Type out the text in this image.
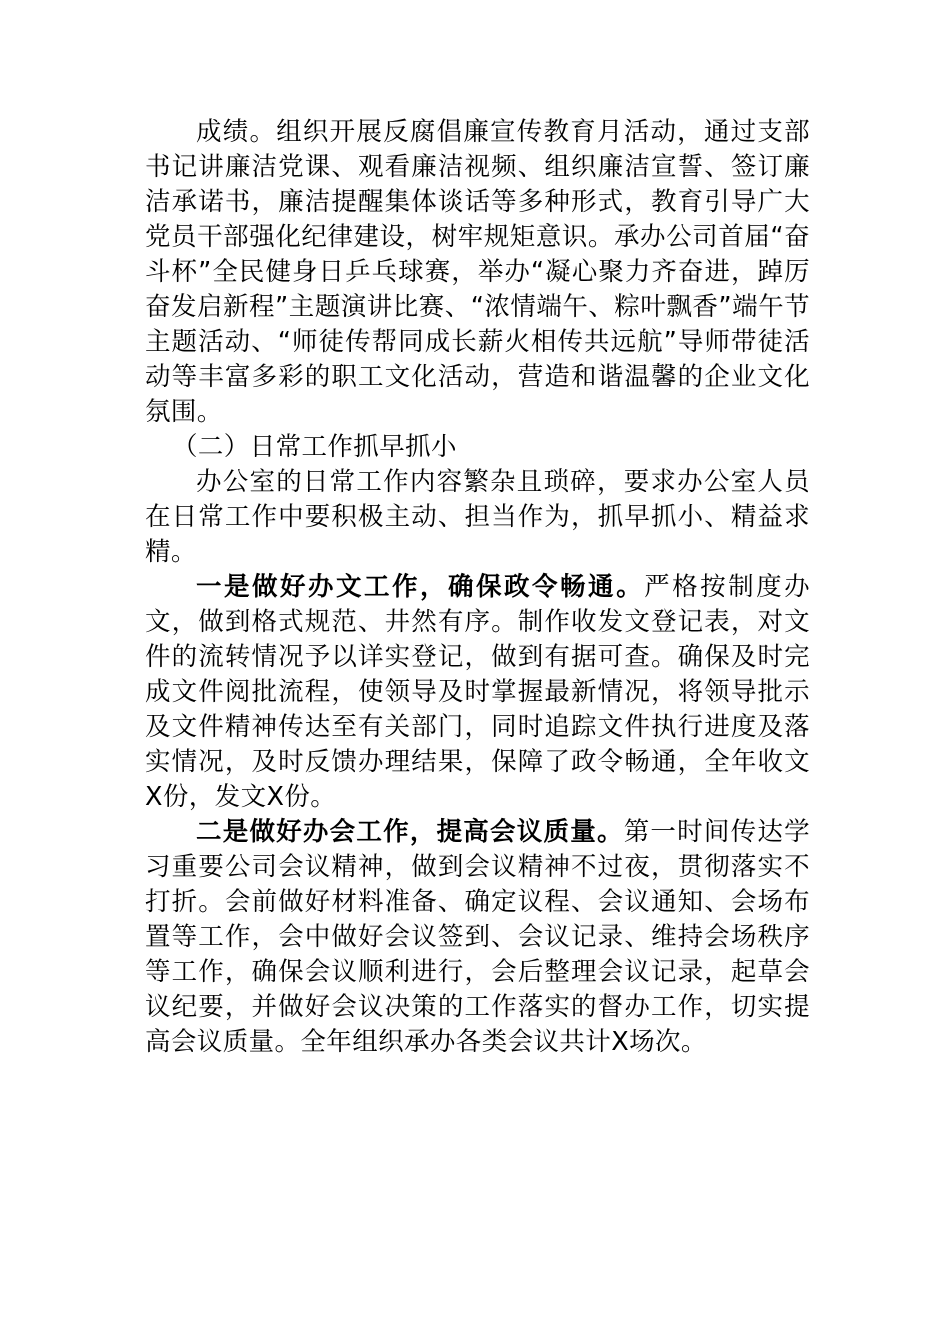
成绩。组织开展反腐倡廉宣传教育月活动，通过支部书记讲廉洁党课、观看廉洁视频、组织廉洁宣誓、签订廉洁承诺书，廉洁提醒集体谈话等多种形式，教育引导广大党员干部强化纪律建设，树牢规矩意识。承办公司首届“奋斗杯”全民健身日乒乓球赛，举办“凝心聚力齐奋进，踔厉奋发启新程”主题演讲比赛、“浓情端午、粽叶飘香”端午节主题活动、“师徒传帮同成长薪火相传共远航”导师带徒活动等丰富多彩的职工文化活动，营造和谐温馨的企业文化氛围。

（二）日常工作抓早抓小

办公室的日常工作内容繁杂且琐碎，要求办公室人员在日常工作中要积极主动、担当作为，抓早抓小、精益求精。

一是做好办文工作，确保政令畅通。严格按制度办文，做到格式规范、井然有序。制作收发文登记表，对文件的流转情况予以详实登记，做到有据可查。确保及时完成文件阅批流程，使领导及时掌握最新情况，将领导批示及文件精神传达至有关部门，同时追踪文件执行进度及落实情况，及时反馈办理结果，保障了政令畅通，全年收文X份，发文X份。

二是做好办会工作，提高会议质量。第一时间传达学习重要公司会议精神，做到会议精神不过夜，贯彻落实不打折。会前做好材料准备、确定议程、会议通知、会场布置等工作，会中做好会议签到、会议记录、维持会场秩序等工作，确保会议顺利进行，会后整理会议记录，起草会议纪要，并做好会议决策的工作落实的督办工作，切实提高会议质量。全年组织承办各类会议共计X场次。
